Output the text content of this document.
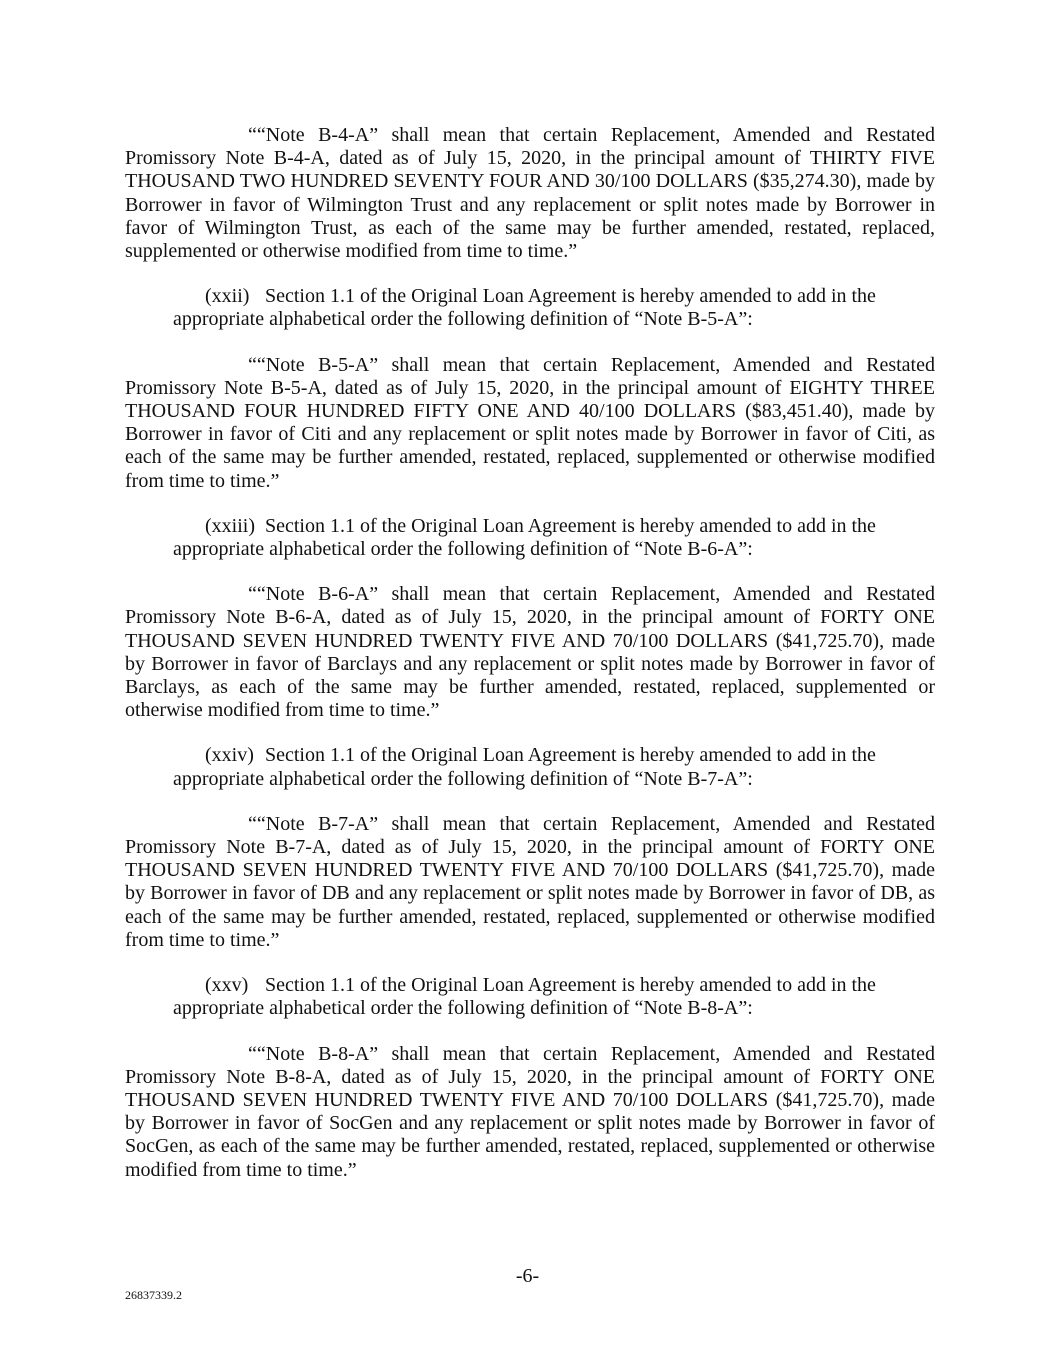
““Note B-4-A” shall mean that certain Replacement, Amended and Restated Promissory Note B-4-A, dated as of July 15, 2020, in the principal amount of THIRTY FIVE THOUSAND TWO HUNDRED SEVENTY FOUR AND 30/100 DOLLARS ($35,274.30), made by Borrower in favor of Wilmington Trust and any replacement or split notes made by Borrower in favor of Wilmington Trust, as each of the same may be further amended, restated, replaced, supplemented or otherwise modified from time to time.”

(xxii) Section 1.1 of the Original Loan Agreement is hereby amended to add in the appropriate alphabetical order the following definition of “Note B-5-A”:

““Note B-5-A” shall mean that certain Replacement, Amended and Restated Promissory Note B-5-A, dated as of July 15, 2020, in the principal amount of EIGHTY THREE THOUSAND FOUR HUNDRED FIFTY ONE AND 40/100 DOLLARS ($83,451.40), made by Borrower in favor of Citi and any replacement or split notes made by Borrower in favor of Citi, as each of the same may be further amended, restated, replaced, supplemented or otherwise modified from time to time.”

(xxiii) Section 1.1 of the Original Loan Agreement is hereby amended to add in the appropriate alphabetical order the following definition of “Note B-6-A”:

““Note B-6-A” shall mean that certain Replacement, Amended and Restated Promissory Note B-6-A, dated as of July 15, 2020, in the principal amount of FORTY ONE THOUSAND SEVEN HUNDRED TWENTY FIVE AND 70/100 DOLLARS ($41,725.70), made by Borrower in favor of Barclays and any replacement or split notes made by Borrower in favor of Barclays, as each of the same may be further amended, restated, replaced, supplemented or otherwise modified from time to time.”

(xxiv) Section 1.1 of the Original Loan Agreement is hereby amended to add in the appropriate alphabetical order the following definition of “Note B-7-A”:

““Note B-7-A” shall mean that certain Replacement, Amended and Restated Promissory Note B-7-A, dated as of July 15, 2020, in the principal amount of FORTY ONE THOUSAND SEVEN HUNDRED TWENTY FIVE AND 70/100 DOLLARS ($41,725.70), made by Borrower in favor of DB and any replacement or split notes made by Borrower in favor of DB, as each of the same may be further amended, restated, replaced, supplemented or otherwise modified from time to time.”

(xxv) Section 1.1 of the Original Loan Agreement is hereby amended to add in the appropriate alphabetical order the following definition of “Note B-8-A”:

““Note B-8-A” shall mean that certain Replacement, Amended and Restated Promissory Note B-8-A, dated as of July 15, 2020, in the principal amount of FORTY ONE THOUSAND SEVEN HUNDRED TWENTY FIVE AND 70/100 DOLLARS ($41,725.70), made by Borrower in favor of SocGen and any replacement or split notes made by Borrower in favor of SocGen, as each of the same may be further amended, restated, replaced, supplemented or otherwise modified from time to time.”

-6-
26837339.2
